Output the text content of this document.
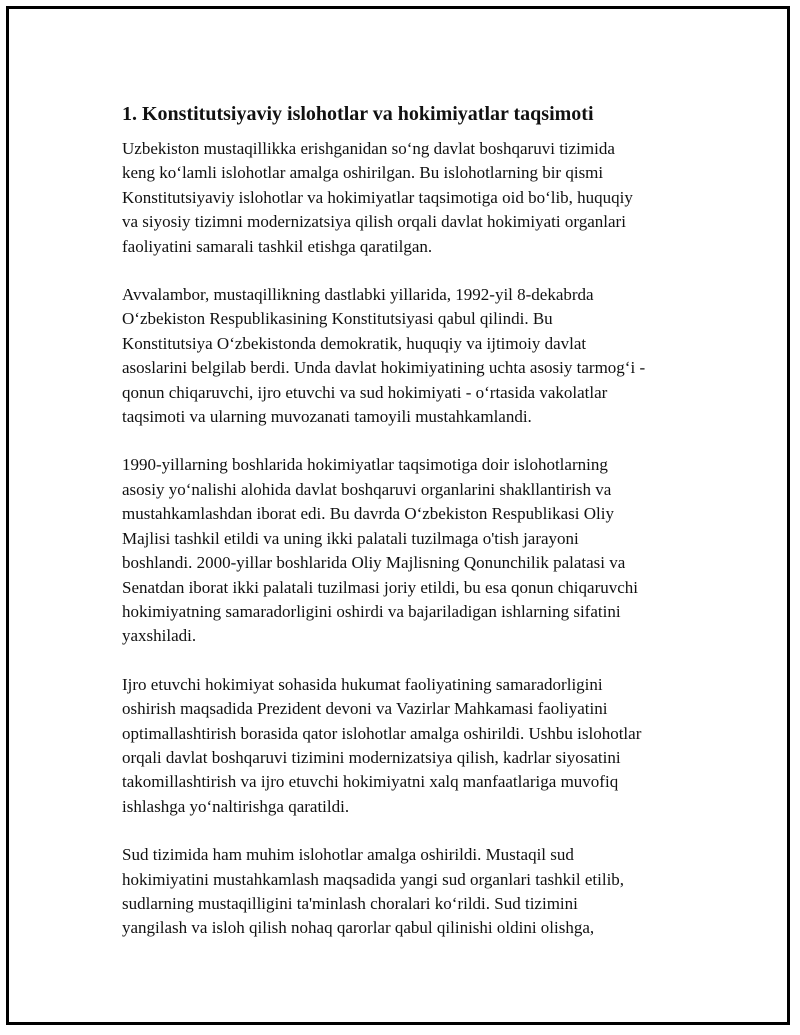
1. Konstitutsiyaviy islohotlar va hokimiyatlar taqsimoti

Uzbekiston mustaqillikka erishganidan so‘ng davlat boshqaruvi tizimida
keng ko‘lamli islohotlar amalga oshirilgan. Bu islohotlarning bir qismi
Konstitutsiyaviy islohotlar va hokimiyatlar taqsimotiga oid bo‘lib, huquqiy
va siyosiy tizimni modernizatsiya qilish orqali davlat hokimiyati organlari
faoliyatini samarali tashkil etishga qaratilgan.

Avvalambor, mustaqillikning dastlabki yillarida, 1992-yil 8-dekabrda
O‘zbekiston Respublikasining Konstitutsiyasi qabul qilindi. Bu
Konstitutsiya O‘zbekistonda demokratik, huquqiy va ijtimoiy davlat
asoslarini belgilab berdi. Unda davlat hokimiyatining uchta asosiy tarmog‘i -
qonun chiqaruvchi, ijro etuvchi va sud hokimiyati - o‘rtasida vakolatlar
taqsimoti va ularning muvozanati tamoyili mustahkamlandi.

1990-yillarning boshlarida hokimiyatlar taqsimotiga doir islohotlarning
asosiy yo‘nalishi alohida davlat boshqaruvi organlarini shakllantirish va
mustahkamlashdan iborat edi. Bu davrda O‘zbekiston Respublikasi Oliy
Majlisi tashkil etildi va uning ikki palatali tuzilmaga o'tish jarayoni
boshlandi. 2000-yillar boshlarida Oliy Majlisning Qonunchilik palatasi va
Senatdan iborat ikki palatali tuzilmasi joriy etildi, bu esa qonun chiqaruvchi
hokimiyatning samaradorligini oshirdi va bajariladigan ishlarning sifatini
yaxshiladi.

Ijro etuvchi hokimiyat sohasida hukumat faoliyatining samaradorligini
oshirish maqsadida Prezident devoni va Vazirlar Mahkamasi faoliyatini
optimallashtirish borasida qator islohotlar amalga oshirildi. Ushbu islohotlar
orqali davlat boshqaruvi tizimini modernizatsiya qilish, kadrlar siyosatini
takomillashtirish va ijro etuvchi hokimiyatni xalq manfaatlariga muvofiq
ishlashga yo‘naltirishga qaratildi.

Sud tizimida ham muhim islohotlar amalga oshirildi. Mustaqil sud
hokimiyatini mustahkamlash maqsadida yangi sud organlari tashkil etilib,
sudlarning mustaqilligini ta'minlash choralari ko‘rildi. Sud tizimini
yangilash va isloh qilish nohaq qarorlar qabul qilinishi oldini olishga,
